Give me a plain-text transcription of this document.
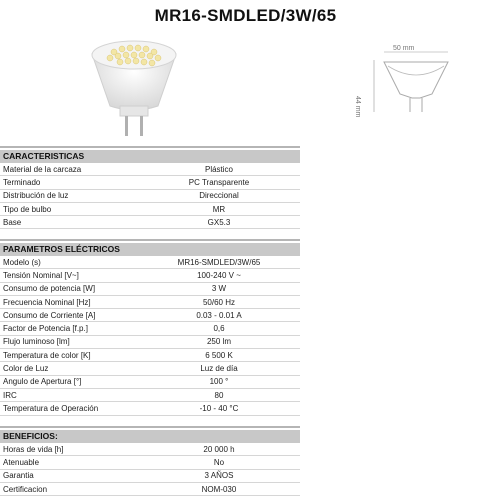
MR16-SMDLED/3W/65
50 mm
44 mm
CARACTERISTICAS
Material de la carcaza	Plástico
Terminado	PC Transparente
Distribución de luz	Direccional
Tipo de bulbo	MR
Base	GX5.3
PARAMETROS ELÉCTRICOS
Modelo (s)	MR16-SMDLED/3W/65
Tensión Nominal [V~]	100-240 V ~
Consumo de potencia [W]	3 W
Frecuencia Nominal [Hz]	50/60 Hz
Consumo de Corriente [A]	0.03 - 0.01 A
Factor de Potencia [f.p.]	0,6
Flujo luminoso [lm]	250 lm
Temperatura de color [K]	6 500 K
Color de Luz	Luz de día
Angulo de Apertura [°]	100 °
IRC	80
Temperatura de Operación	-10 - 40 °C
BENEFICIOS:
Horas de vida [h]	20 000 h
Atenuable	No
Garantia	3 AÑOS
Certificacion	NOM-030
